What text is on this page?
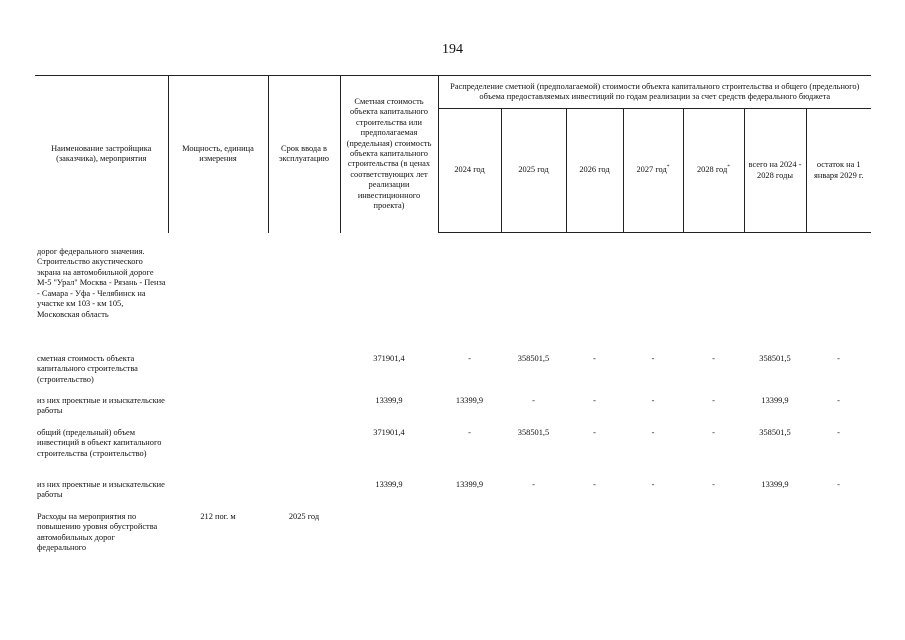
194
Наименование застройщика (заказчика), мероприятия	Мощность, единица измерения	Срок ввода в эксплуатацию	Сметная стоимость объекта капитального строительства или предполагаемая (предельная) стоимость объекта капитального строительства (в ценах соответствующих лет реализации инвестиционного проекта)	Распределение сметной (предполагаемой) стоимости объекта капитального строительства и общего (предельного) объема предоставляемых инвестиций по годам реализации за счет средств федерального бюджета						
				2024 год	2025 год	2026 год	2027 год*	2028 год*	всего на 2024 - 2028 годы	остаток на 1 января 2029 г.

дорог федерального значения. Строительство акустического экрана на автомобильной дороге М-5 "Урал" Москва - Рязань - Пенза - Самара - Уфа - Челябинск на участке км 103 - км 105, Московская область										
сметная стоимость объекта капитального строительства (строительство)			371901,4	-	358501,5	-	-	-	358501,5	-
из них проектные и изыскательские работы			13399,9	13399,9	-	-	-	-	13399,9	-
общий (предельный) объем инвестиций в объект капитального строительства (строительство)			371901,4	-	358501,5	-	-	-	358501,5	-
из них проектные и изыскательские работы			13399,9	13399,9	-	-	-	-	13399,9	-
Расходы на мероприятия по повышению уровня обустройства автомобильных дорог федерального	212 пог. м	2025 год								
